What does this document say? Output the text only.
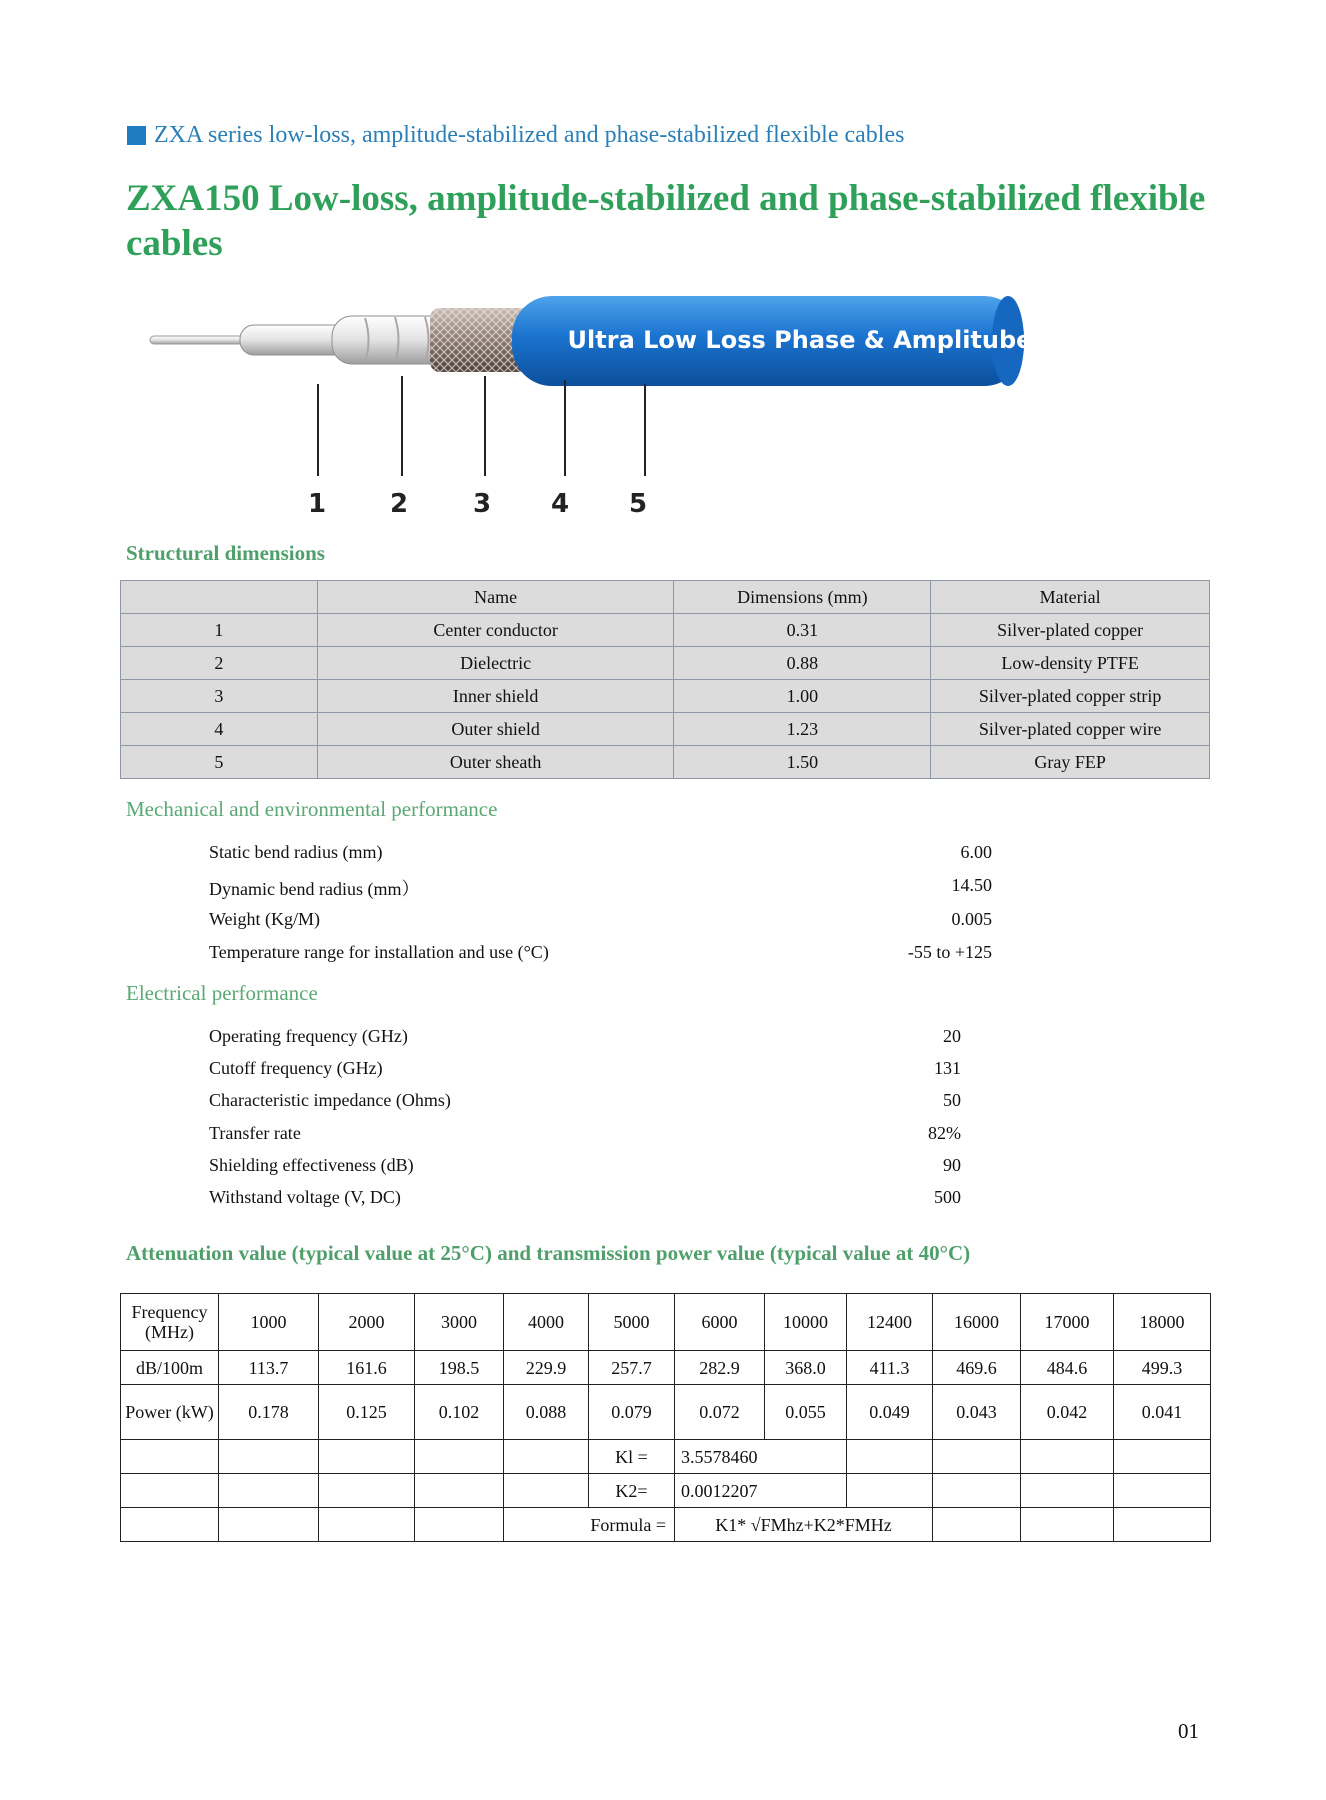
ZXA series low-loss, amplitude-stabilized and phase-stabilized flexible cables
ZXA150 Low-loss, amplitude-stabilized and phase-stabilized flexible cables
Ultra Low Loss Phase & Amplitube
1 2 3 4 5
Structural dimensions
	Name	Dimensions (mm)	Material
1	Center conductor	0.31	Silver-plated copper
2	Dielectric	0.88	Low-density PTFE
3	Inner shield	1.00	Silver-plated copper strip
4	Outer shield	1.23	Silver-plated copper wire
5	Outer sheath	1.50	Gray FEP
Mechanical and environmental performance
Static bend radius (mm)	6.00
Dynamic bend radius (mm）	14.50
Weight (Kg/M)	0.005
Temperature range for installation and use (°C)	-55 to +125
Electrical performance
Operating frequency (GHz)	20
Cutoff frequency (GHz)	131
Characteristic impedance (Ohms)	50
Transfer rate	82%
Shielding effectiveness (dB)	90
Withstand voltage (V, DC)	500
Attenuation value (typical value at 25°C) and transmission power value (typical value at 40°C)
Frequency (MHz)	1000	2000	3000	4000	5000	6000	10000	12400	16000	17000	18000
dB/100m	113.7	161.6	198.5	229.9	257.7	282.9	368.0	411.3	469.6	484.6	499.3
Power (kW)	0.178	0.125	0.102	0.088	0.079	0.072	0.055	0.049	0.043	0.042	0.041
					Kl =	3.5578460					
					K2=	0.0012207					
				Formula =		K1* √FMhz+K2*FMHz					
01
